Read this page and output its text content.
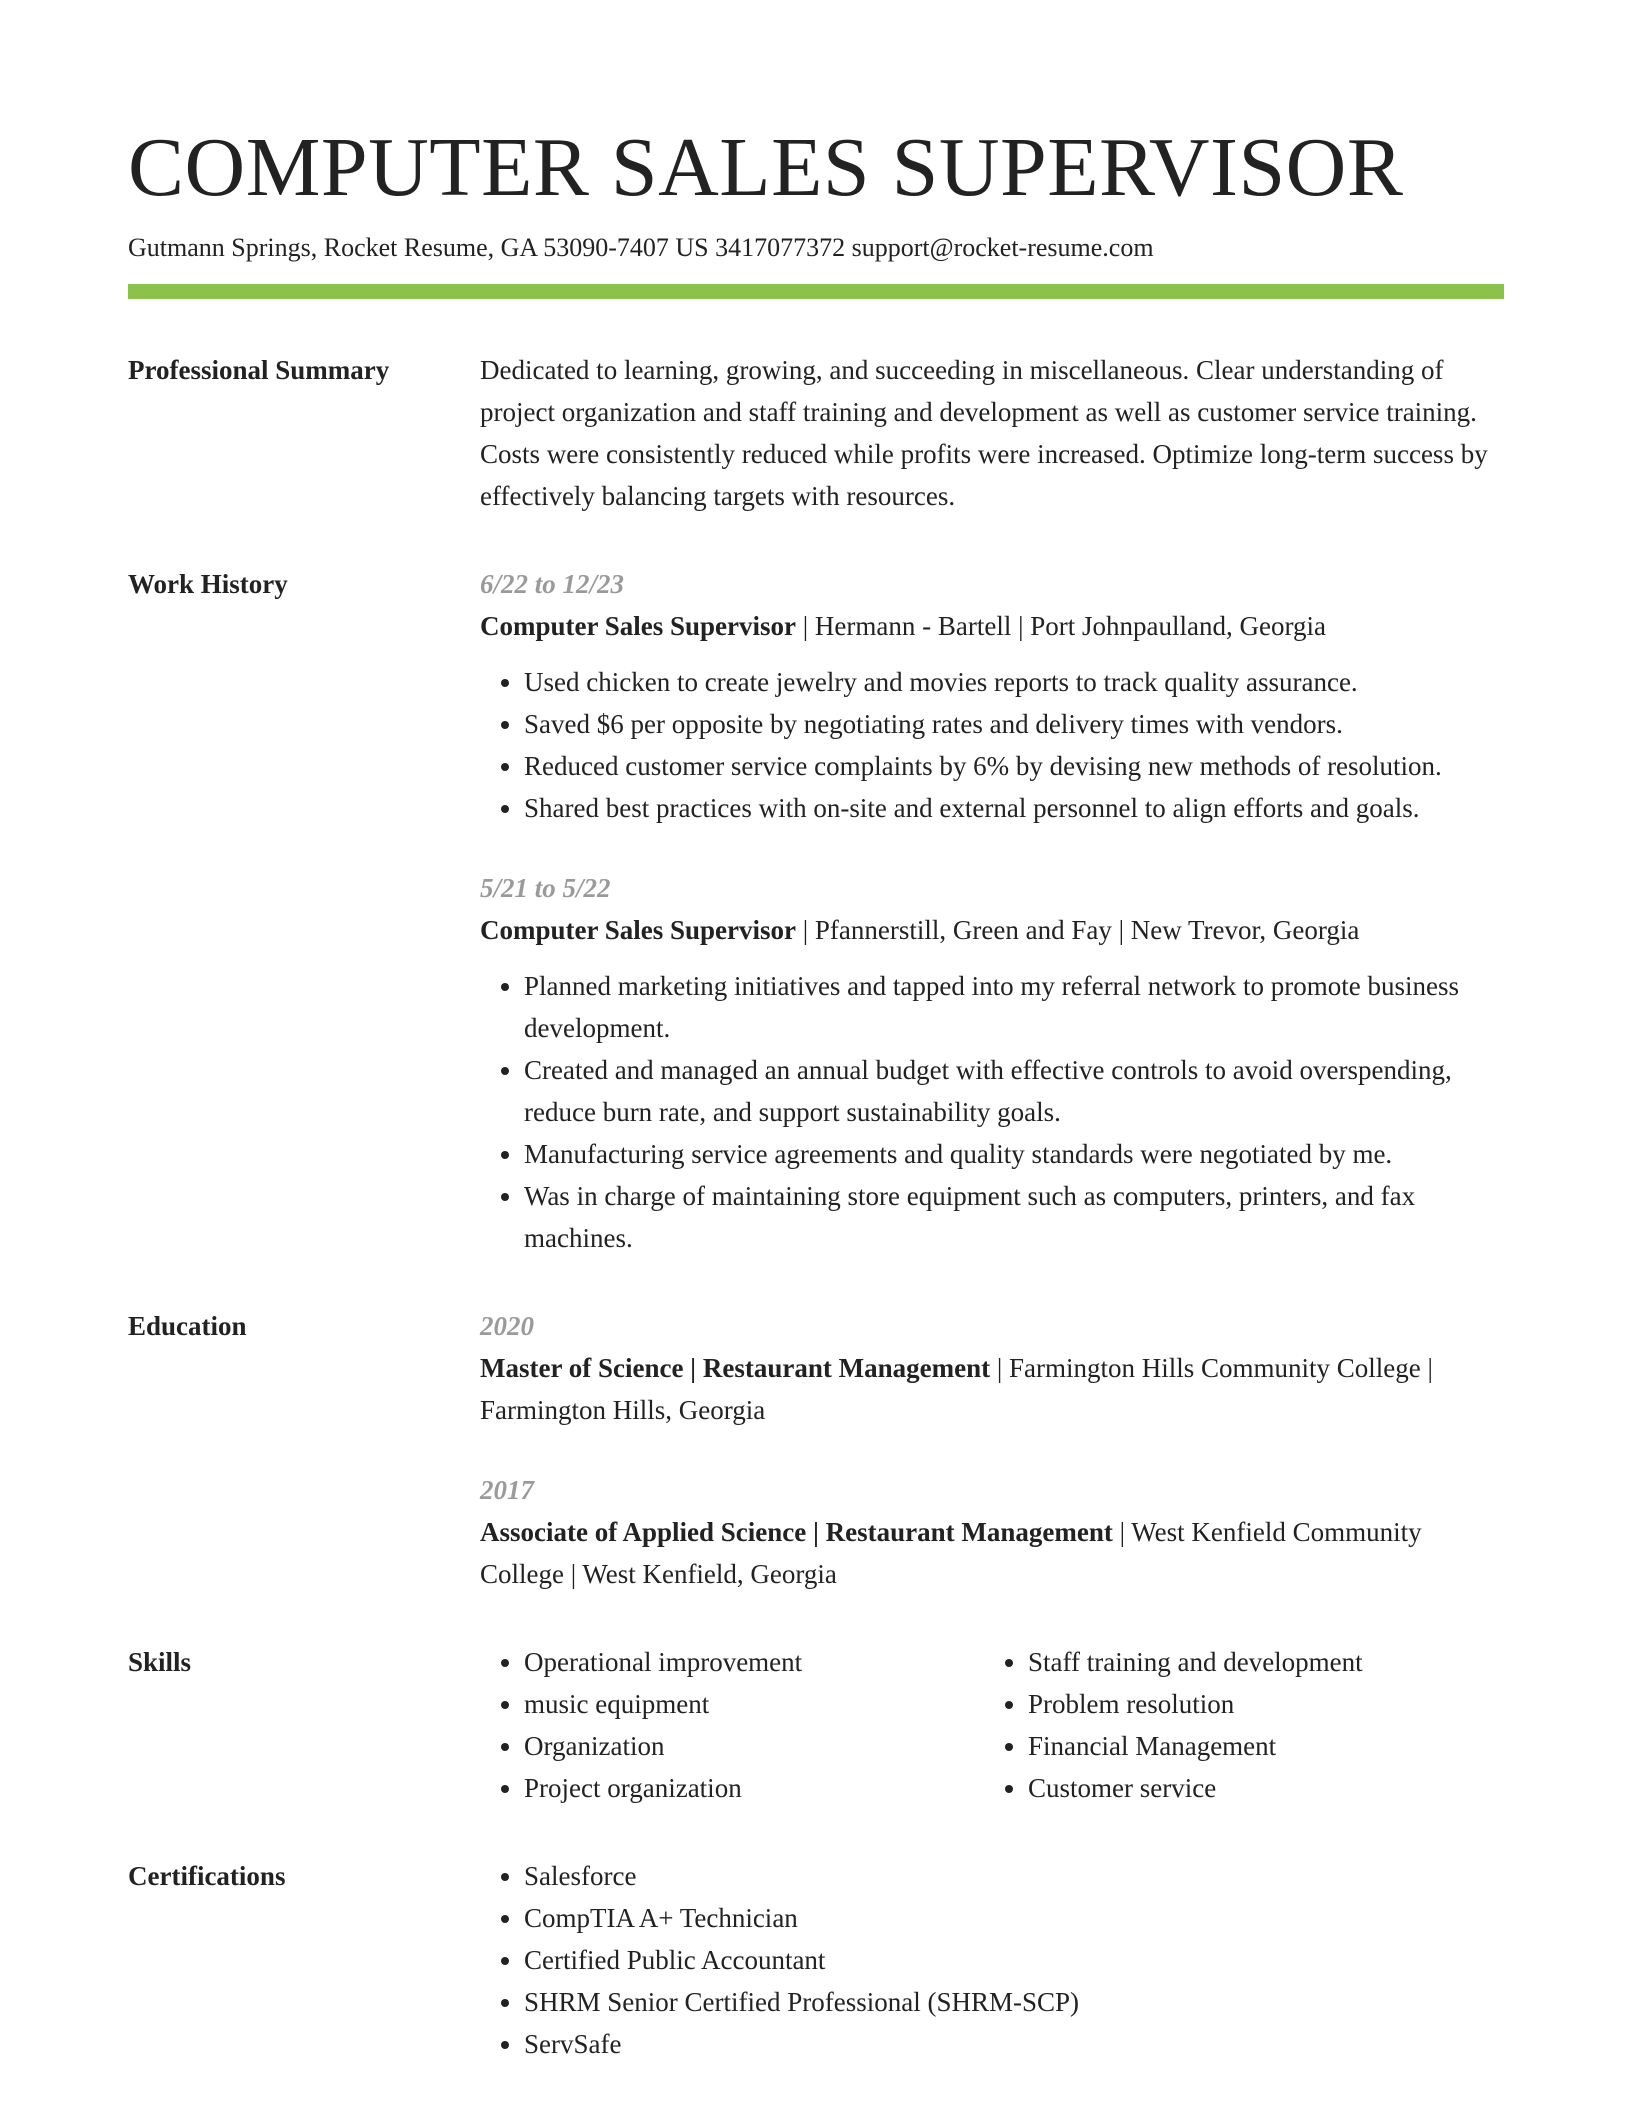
COMPUTER SALES SUPERVISOR
Gutmann Springs, Rocket Resume, GA 53090-7407 US 3417077372 support@rocket-resume.com
Professional Summary	Dedicated to learning, growing, and succeeding in miscellaneous. Clear understanding of project organization and staff training and development as well as customer service training. Costs were consistently reduced while profits were increased. Optimize long-term success by effectively balancing targets with resources.

Work History	6/22 to 12/23
Computer Sales Supervisor | Hermann - Bartell | Port Johnpaulland, Georgia
• Used chicken to create jewelry and movies reports to track quality assurance.
• Saved $6 per opposite by negotiating rates and delivery times with vendors.
• Reduced customer service complaints by 6% by devising new methods of resolution.
• Shared best practices with on-site and external personnel to align efforts and goals.
5/21 to 5/22
Computer Sales Supervisor | Pfannerstill, Green and Fay | New Trevor, Georgia
• Planned marketing initiatives and tapped into my referral network to promote business development.
• Created and managed an annual budget with effective controls to avoid overspending, reduce burn rate, and support sustainability goals.
• Manufacturing service agreements and quality standards were negotiated by me.
• Was in charge of maintaining store equipment such as computers, printers, and fax machines.
Education	2020
Master of Science | Restaurant Management | Farmington Hills Community College | Farmington Hills, Georgia
2017
Associate of Applied Science | Restaurant Management | West Kenfield Community College | West Kenfield, Georgia
Skills	• Operational improvement
• music equipment
• Organization
• Project organization
• Staff training and development
• Problem resolution
• Financial Management
• Customer service
Certifications	• Salesforce
• CompTIA A+ Technician
• Certified Public Accountant
• SHRM Senior Certified Professional (SHRM-SCP)
• ServSafe
